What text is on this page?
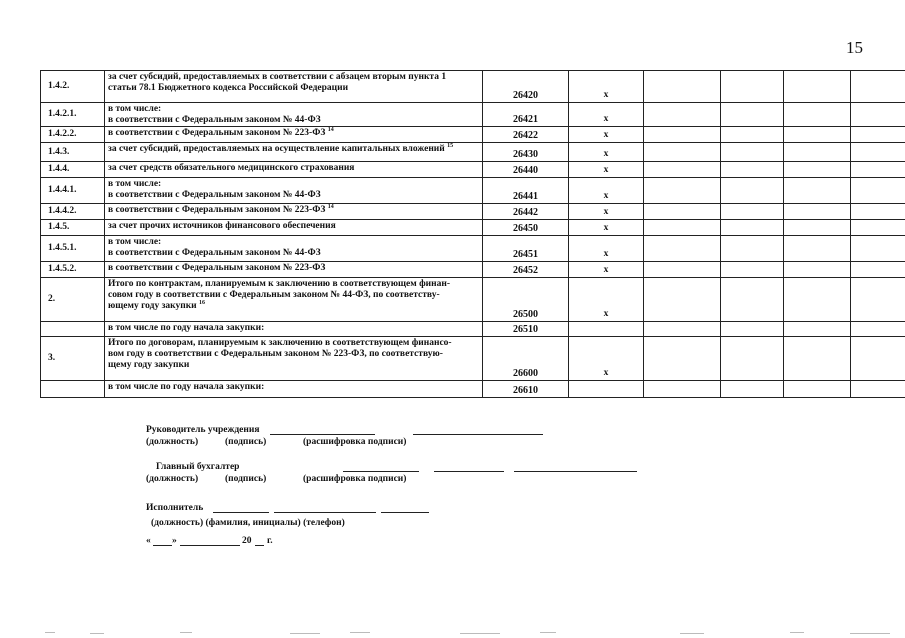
15
1.4.2.	за счет субсидий, предоставляемых в соответствии с абзацем вторым пункта 1
статьи 78.1 Бюджетного кодекса Российской Федерации	26420	x				
1.4.2.1.	в том числе:
в соответствии с Федеральным законом № 44-ФЗ	26421	x				
1.4.2.2.	в соответствии с Федеральным законом № 223-ФЗ $^{14}$	26422	x				
1.4.3.	за счет субсидий, предоставляемых на осуществление капитальных вложений $^{15}$	26430	x				
1.4.4.	за счет средств обязательного медицинского страхования	26440	x				
1.4.4.1.	в том числе:
в соответствии с Федеральным законом № 44-ФЗ	26441	x				
1.4.4.2.	в соответствии с Федеральным законом № 223-ФЗ $^{14}$	26442	x				
1.4.5.	за счет прочих источников финансового обеспечения	26450	x				
1.4.5.1.	в том числе:
в соответствии с Федеральным законом № 44-ФЗ	26451	x				
1.4.5.2.	в соответствии с Федеральным законом № 223-ФЗ	26452	x				
2.	Итого по контрактам, планируемым к заключению в соответствующем финан-
совом году в соответствии с Федеральным законом № 44-ФЗ, по соответству-
ющему году закупки $^{16}$	26500	x				

	в том числе по году начала закупки:	26510					
3.	Итого по договорам, планируемым к заключению в соответствующем финансо-
вом году в соответствии с Федеральным законом № 223-ФЗ, по соответствую-
щему году закупки	26600	x				

	в том числе по году начала закупки:	26610					
Руководитель учреждения
(должность)	(подпись)	(расшифровка подписи)
Главный бухгалтер
(должность)	(подпись)	(расшифровка подписи)
Исполнитель
(должность) (фамилия, инициалы) (телефон)
« »	20 г.
